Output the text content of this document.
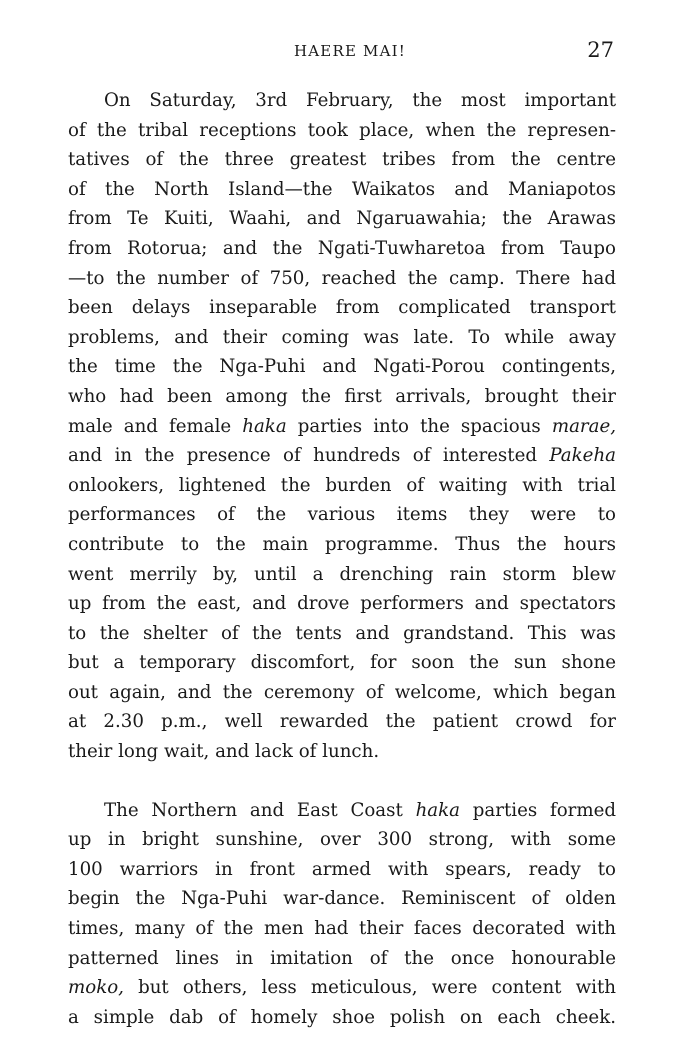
HAERE MAI!	27

On Saturday, 3rd February, the most important
of the tribal receptions took place, when the represen-
tatives of the three greatest tribes from the centre
of the North Island—the Waikatos and Maniapotos
from Te Kuiti, Waahi, and Ngaruawahia; the Arawas
from Rotorua; and the Ngati-Tuwharetoa from Taupo
—to the number of 750, reached the camp. There had
been delays inseparable from complicated transport
problems, and their coming was late. To while away
the time the Nga-Puhi and Ngati-Porou contingents,
who had been among the first arrivals, brought their
male and female haka parties into the spacious marae,
and in the presence of hundreds of interested Pakeha
onlookers, lightened the burden of waiting with trial
performances of the various items they were to
contribute to the main programme. Thus the hours
went merrily by, until a drenching rain storm blew
up from the east, and drove performers and spectators
to the shelter of the tents and grandstand. This was
but a temporary discomfort, for soon the sun shone
out again, and the ceremony of welcome, which began
at 2.30 p.m., well rewarded the patient crowd for
their long wait, and lack of lunch.

The Northern and East Coast haka parties formed
up in bright sunshine, over 300 strong, with some
100 warriors in front armed with spears, ready to
begin the Nga-Puhi war-dance. Reminiscent of olden
times, many of the men had their faces decorated with
patterned lines in imitation of the once honourable
moko, but others, less meticulous, were content with
a simple dab of homely shoe polish on each cheek.
